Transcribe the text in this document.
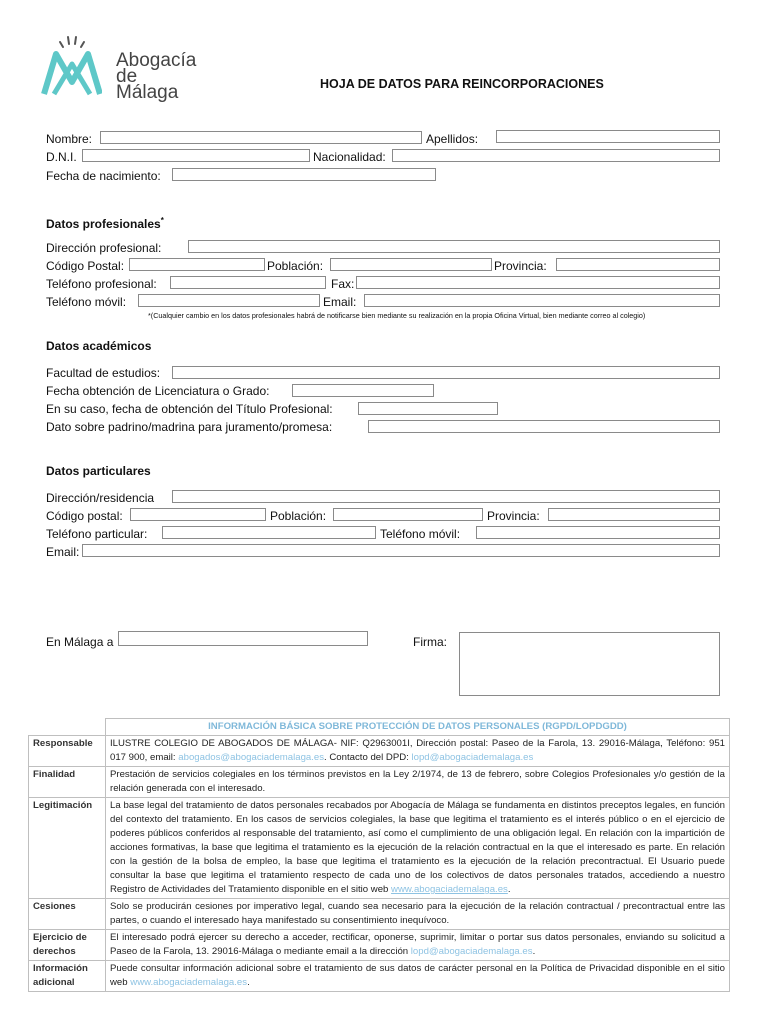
Abogacía
de
Málaga	HOJA DE DATOS PARA REINCORPORACIONES
Nombre:	Apellidos:
D.N.I.	Nacionalidad:
Fecha de nacimiento:
Datos profesionales*
Dirección profesional:
Código Postal:	Población:	Provincia:
Teléfono profesional:	Fax:
Teléfono móvil:	Email:
*(Cualquier cambio en los datos profesionales habrá de notificarse bien mediante su realización en la propia Oficina Virtual, bien mediante correo al colegio)
Datos académicos
Facultad de estudios:
Fecha obtención de Licenciatura o Grado:
En su caso, fecha de obtención del Título Profesional:
Dato sobre padrino/madrina para juramento/promesa:
Datos particulares
Dirección/residencia
Código postal:	Población:	Provincia:
Teléfono particular:	Teléfono móvil:
Email:
En Málaga a	Firma:
	INFORMACIÓN BÁSICA SOBRE PROTECCIÓN DE DATOS PERSONALES (RGPD/LOPDGDD)
Responsable	ILUSTRE COLEGIO DE ABOGADOS DE MÁLAGA- NIF: Q2963001I, Dirección postal: Paseo de la Farola, 13. 29016-Málaga, Teléfono: 951 017 900, email: abogados@abogaciademalaga.es. Contacto del DPD: lopd@abogaciademalaga.es
Finalidad	Prestación de servicios colegiales en los términos previstos en la Ley 2/1974, de 13 de febrero, sobre Colegios Profesionales y/o gestión de la relación generada con el interesado.
Legitimación	La base legal del tratamiento de datos personales recabados por Abogacía de Málaga se fundamenta en distintos preceptos legales, en función del contexto del tratamiento. En los casos de servicios colegiales, la base que legitima el tratamiento es el interés público o en el ejercicio de poderes públicos conferidos al responsable del tratamiento, así como el cumplimiento de una obligación legal. En relación con la impartición de acciones formativas, la base que legitima el tratamiento es la ejecución de la relación contractual en la que el interesado es parte. En relación con la gestión de la bolsa de empleo, la base que legitima el tratamiento es la ejecución de la relación precontractual. El Usuario puede consultar la base que legitima el tratamiento respecto de cada uno de los colectivos de datos personales tratados, accediendo a nuestro Registro de Actividades del Tratamiento disponible en el sitio web www.abogaciademalaga.es.
Cesiones	Solo se producirán cesiones por imperativo legal, cuando sea necesario para la ejecución de la relación contractual / precontractual entre las partes, o cuando el interesado haya manifestado su consentimiento inequívoco.
Ejercicio de derechos	El interesado podrá ejercer su derecho a acceder, rectificar, oponerse, suprimir, limitar o portar sus datos personales, enviando su solicitud a Paseo de la Farola, 13. 29016-Málaga o mediante email a la dirección lopd@abogaciademalaga.es.
Información adicional	Puede consultar información adicional sobre el tratamiento de sus datos de carácter personal en la Política de Privacidad disponible en el sitio web www.abogaciademalaga.es.
